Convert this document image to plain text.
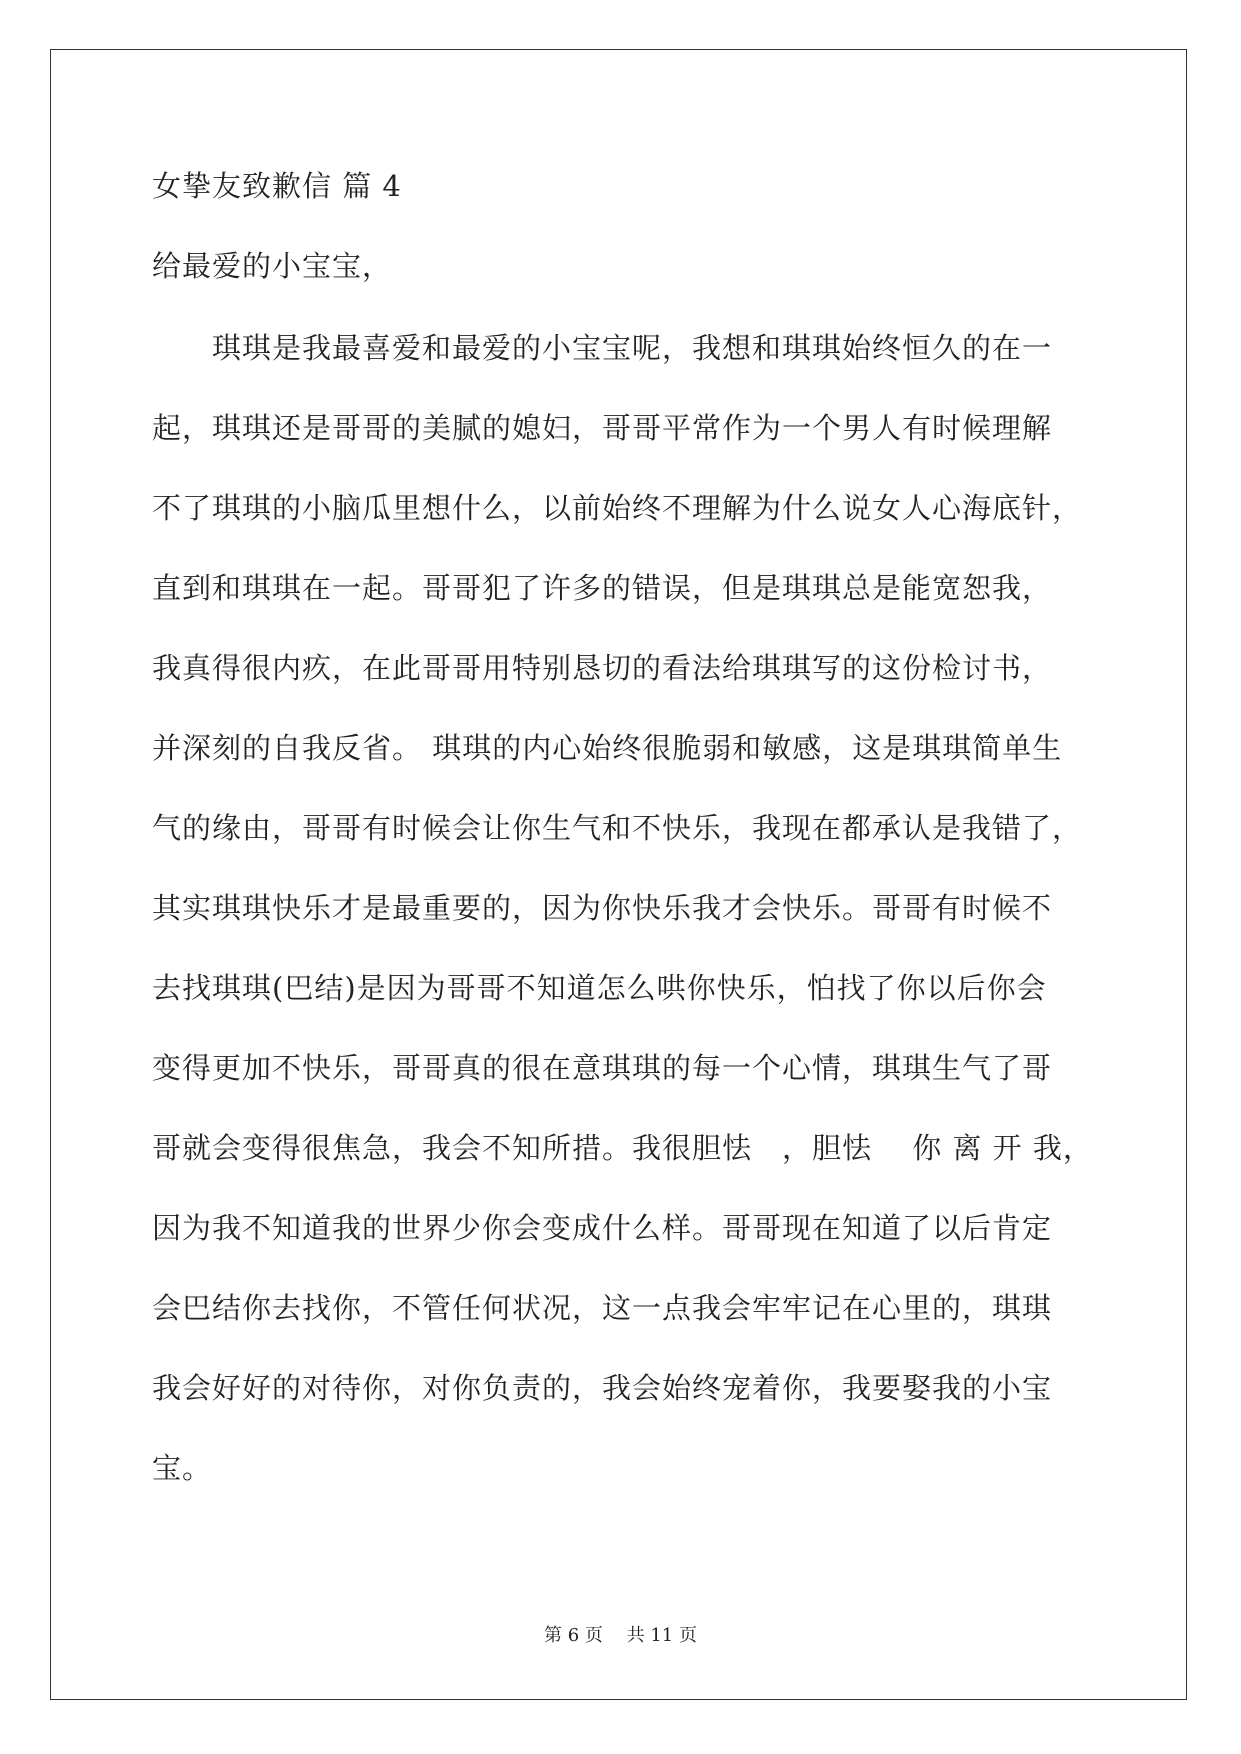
女挚友致歉信 篇 4
给最爱的小宝宝，
　　琪琪是我最喜爱和最爱的小宝宝呢，我想和琪琪始终恒久的在一
起，琪琪还是哥哥的美腻的媳妇，哥哥平常作为一个男人有时候理解
不了琪琪的小脑瓜里想什么，以前始终不理解为什么说女人心海底针，
直到和琪琪在一起。哥哥犯了许多的错误，但是琪琪总是能宽恕我，
我真得很内疚，在此哥哥用特别恳切的看法给琪琪写的这份检讨书，
并深刻的自我反省。 琪琪的内心始终很脆弱和敏感，这是琪琪简单生
气的缘由，哥哥有时候会让你生气和不快乐，我现在都承认是我错了，
其实琪琪快乐才是最重要的，因为你快乐我才会快乐。哥哥有时候不
去找琪琪(巴结)是因为哥哥不知道怎么哄你快乐，怕找了你以后你会
变得更加不快乐，哥哥真的很在意琪琪的每一个心情，琪琪生气了哥
哥就会变得很焦急，我会不知所措。我很胆怯　，胆怯　 你 离 开 我，
因为我不知道我的世界少你会变成什么样。哥哥现在知道了以后肯定
会巴结你去找你，不管任何状况，这一点我会牢牢记在心里的，琪琪
我会好好的对待你，对你负责的，我会始终宠着你，我要娶我的小宝
宝。
第 6 页　 共 11 页
